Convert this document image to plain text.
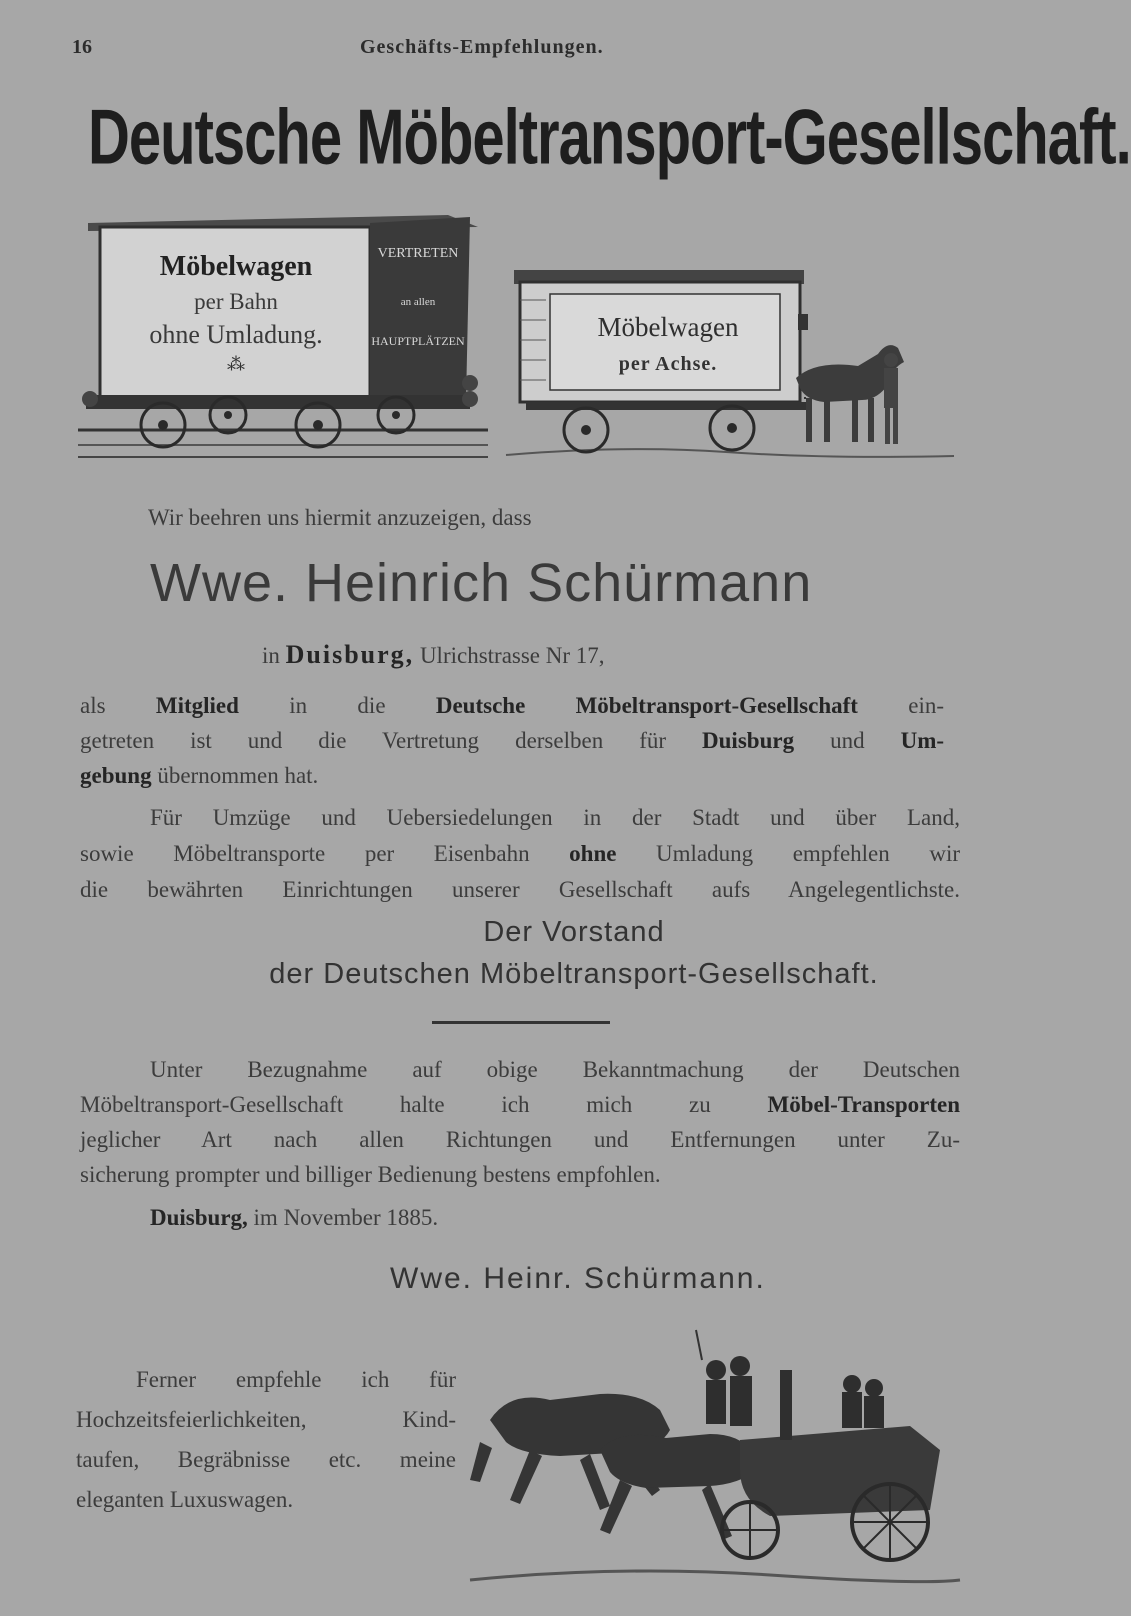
16	Geschäfts-Empfehlungen.
Deutsche Möbeltransport-Gesellschaft.
Möbelwagen
per Bahn
ohne Umladung.
⁂
VERTRETEN
an allen
HAUPTPLÄTZEN	Möbelwagen
per Achse.
Wir beehren uns hiermit anzuzeigen, dass
Wwe. Heinrich Schürmann
in Duisburg, Ulrichstrasse Nr 17,
als Mitglied in die Deutsche Möbeltransport-Gesellschaft ein-
getreten ist und die Vertretung derselben für Duisburg und Um-
gebung übernommen hat.
Für Umzüge und Uebersiedelungen in der Stadt und über Land,
sowie Möbeltransporte per Eisenbahn ohne Umladung empfehlen wir
die bewährten Einrichtungen unserer Gesellschaft aufs Angelegentlichste.
Der Vorstand
der Deutschen Möbeltransport-Gesellschaft.
Unter Bezugnahme auf obige Bekanntmachung der Deutschen
Möbeltransport-Gesellschaft halte ich mich zu Möbel-Transporten
jeglicher Art nach allen Richtungen und Entfernungen unter Zu-
sicherung prompter und billiger Bedienung bestens empfohlen.
Duisburg, im November 1885.
Wwe. Heinr. Schürmann.
Ferner empfehle ich für
Hochzeitsfeierlichkeiten, Kind-
taufen, Begräbnisse etc. meine
eleganten Luxuswagen.
